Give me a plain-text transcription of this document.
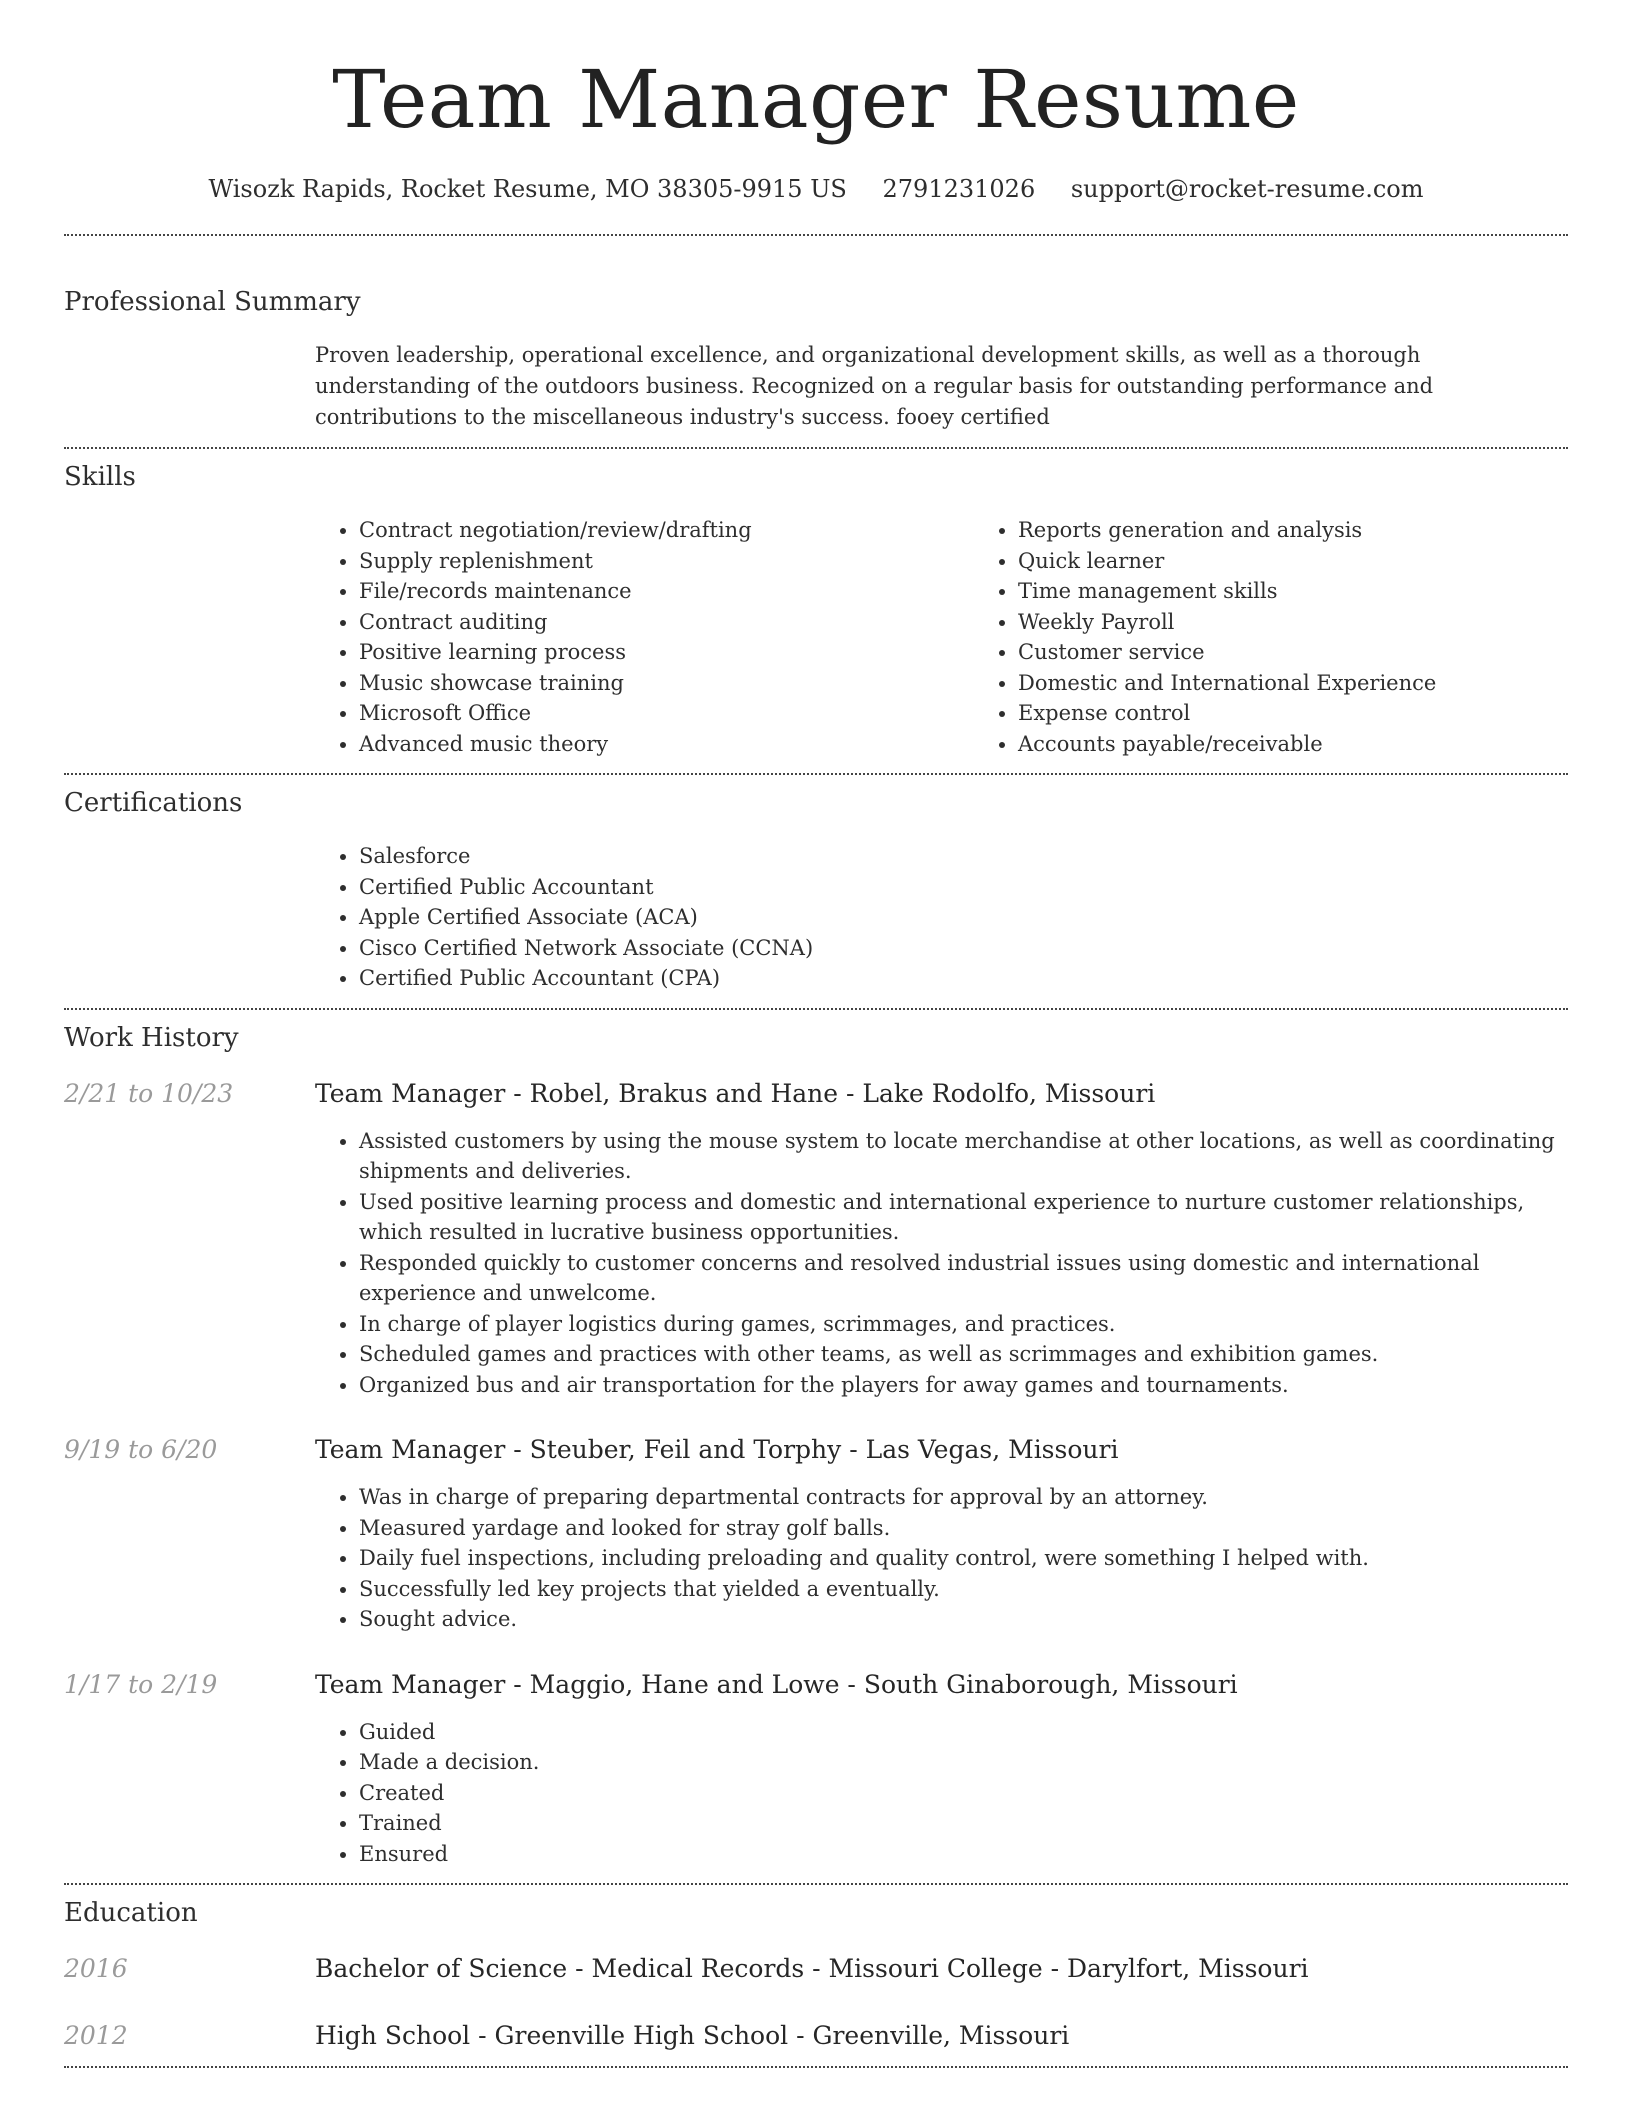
Team Manager Resume
Wisozk Rapids, Rocket Resume, MO 38305-9915 US 2791231026 support@rocket-resume.com
Professional Summary

Proven leadership, operational excellence, and organizational development skills, as well as a thorough understanding of the outdoors business. Recognized on a regular basis for outstanding performance and contributions to the miscellaneous industry's success. fooey certified

Skills
• Contract negotiation/review/drafting
• Supply replenishment
• File/records maintenance
• Contract auditing
• Positive learning process
• Music showcase training
• Microsoft Office
• Advanced music theory
• Reports generation and analysis
• Quick learner
• Time management skills
• Weekly Payroll
• Customer service
• Domestic and International Experience
• Expense control
• Accounts payable/receivable
Certifications
• Salesforce
• Certified Public Accountant
• Apple Certified Associate (ACA)
• Cisco Certified Network Associate (CCNA)
• Certified Public Accountant (CPA)
Work History
2/21 to 10/23	Team Manager - Robel, Brakus and Hane - Lake Rodolfo, Missouri
• Assisted customers by using the mouse system to locate merchandise at other locations, as well as coordinating shipments and deliveries.
• Used positive learning process and domestic and international experience to nurture customer relationships, which resulted in lucrative business opportunities.
• Responded quickly to customer concerns and resolved industrial issues using domestic and international experience and unwelcome.
• In charge of player logistics during games, scrimmages, and practices.
• Scheduled games and practices with other teams, as well as scrimmages and exhibition games.
• Organized bus and air transportation for the players for away games and tournaments.
9/19 to 6/20	Team Manager - Steuber, Feil and Torphy - Las Vegas, Missouri
• Was in charge of preparing departmental contracts for approval by an attorney.
• Measured yardage and looked for stray golf balls.
• Daily fuel inspections, including preloading and quality control, were something I helped with.
• Successfully led key projects that yielded a eventually.
• Sought advice.
1/17 to 2/19	Team Manager - Maggio, Hane and Lowe - South Ginaborough, Missouri
• Guided
• Made a decision.
• Created
• Trained
• Ensured
Education
2016	Bachelor of Science - Medical Records - Missouri College - Darylfort, Missouri
2012	High School - Greenville High School - Greenville, Missouri
